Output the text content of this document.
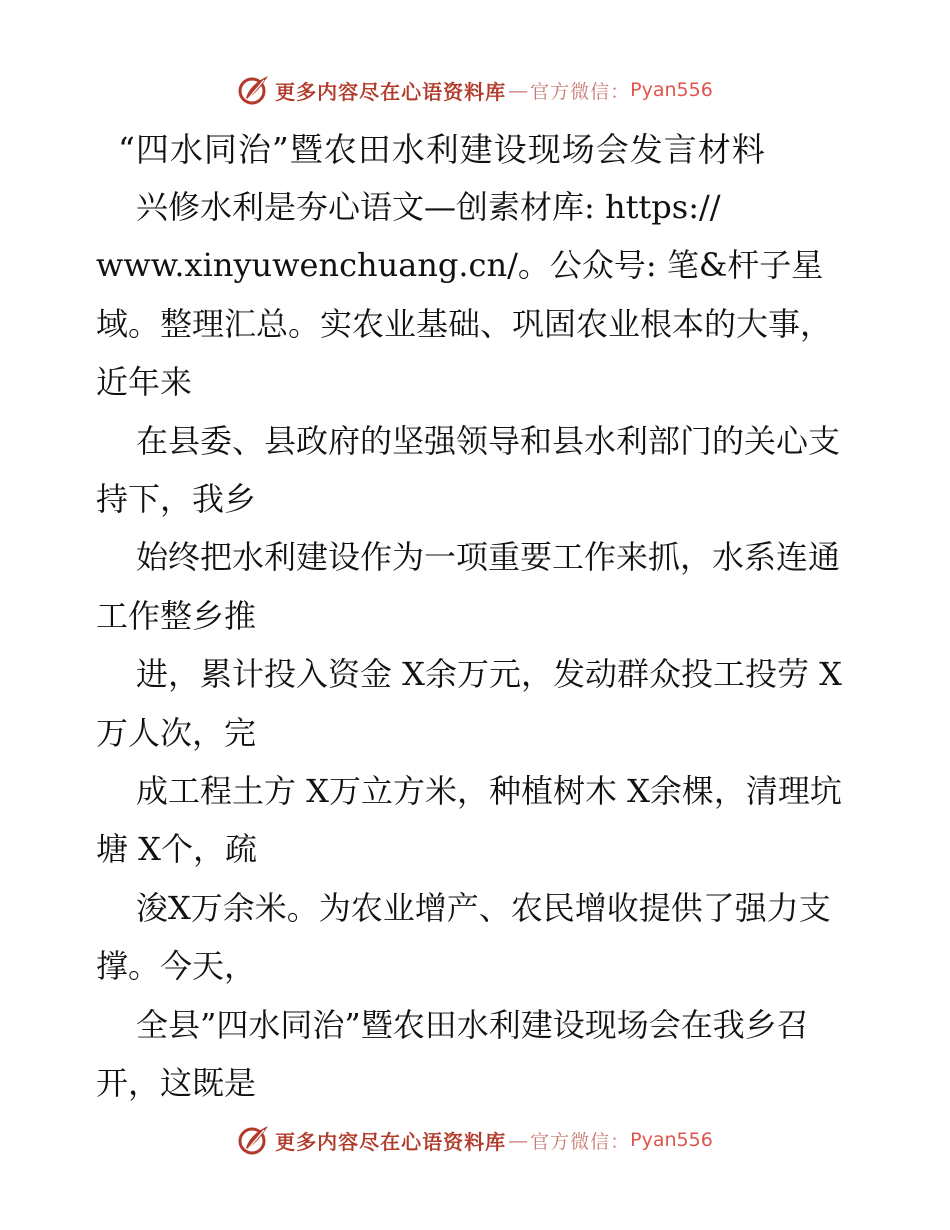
更多内容尽在心语资料库 — 官方微信： Pyan556
“四水同治”暨农田水利建设现场会发言材料

兴修水利是夯心语文—创素材库: https:// www.xinyuwenchuang.cn/。公众号: 笔&杆子星域。整理汇总。实农业基础、巩固农业根本的大事，近年来

在县委、县政府的坚强领导和县水利部门的关心支持下，我乡

始终把水利建设作为一项重要工作来抓，水系连通工作整乡推

进，累计投入资金 X余万元，发动群众投工投劳 X万人次，完

成工程土方 X万立方米，种植树木 X余棵，清理坑塘 X个，疏

浚X万余米。为农业增产、农民增收提供了强力支撑。今天，

全县”四水同治”暨农田水利建设现场会在我乡召开，这既是

更多内容尽在心语资料库 — 官方微信： Pyan556
